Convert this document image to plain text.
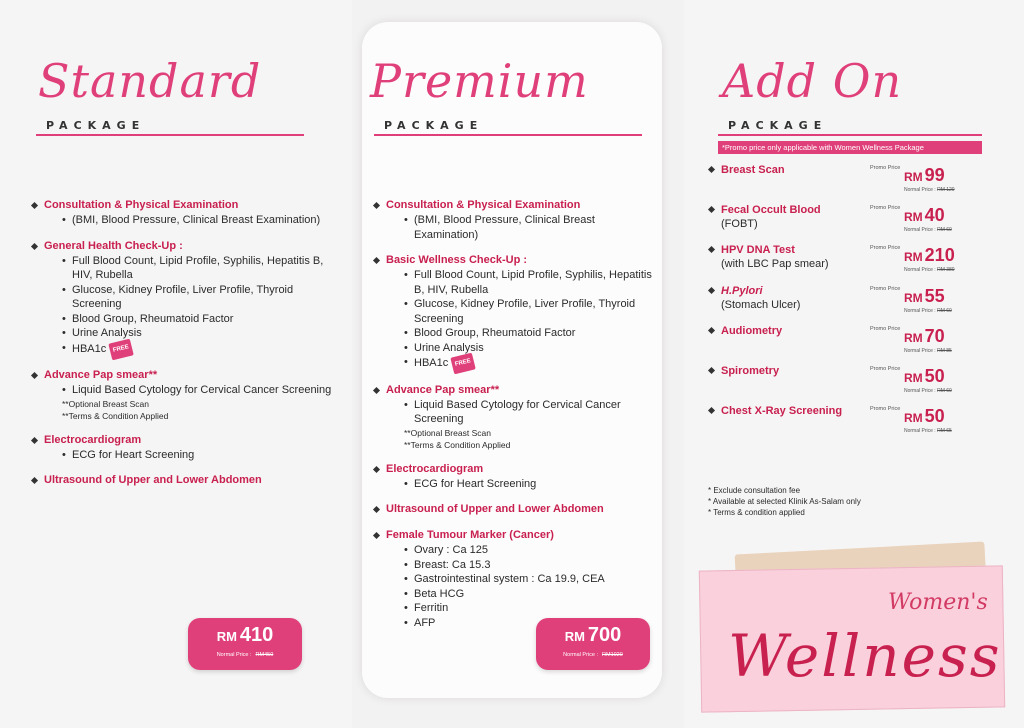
Standard
PACKAGE
Premium
PACKAGE
Add On
PACKAGE
*Promo price only applicable with Women Wellness Package
Consultation & Physical Examination
• (BMI, Blood Pressure, Clinical Breast Examination)
General Health Check-Up :
• Full Blood Count, Lipid Profile, Syphilis, Hepatitis B, HIV, Rubella
• Glucose, Kidney Profile, Liver Profile, Thyroid Screening
• Blood Group, Rheumatoid Factor
• Urine Analysis
• HBA1c FREE
Advance Pap smear**
• Liquid Based Cytology for Cervical Cancer Screening
**Optional Breast Scan
**Terms & Condition Applied
Electrocardiogram
• ECG for Heart Screening
Ultrasound of Upper and Lower Abdomen
Consultation & Physical Examination
• (BMI, Blood Pressure, Clinical Breast Examination)
Basic Wellness Check-Up :
• Full Blood Count, Lipid Profile, Syphilis, Hepatitis B, HIV, Rubella
• Glucose, Kidney Profile, Liver Profile, Thyroid Screening
• Blood Group, Rheumatoid Factor
• Urine Analysis
• HBA1c FREE
Advance Pap smear**
• Liquid Based Cytology for Cervical Cancer Screening
**Optional Breast Scan
**Terms & Condition Applied
Electrocardiogram
• ECG for Heart Screening
Ultrasound of Upper and Lower Abdomen
Female Tumour Marker (Cancer)
• Ovary : Ca 125
• Breast: Ca 15.3
• Gastrointestinal system : Ca 19.9, CEA
• Beta HCG
• Ferritin
• AFP
RM 410
Normal Price : RM450
RM 700
Normal Price : RM1020
Breast Scan	Promo Price
RM 99
Normal Price : RM 120
Fecal Occult Blood
(FOBT)
Promo Price
RM 40
Normal Price : RM 60
HPV DNA Test
(with LBC Pap smear)
Promo Price
RM 210
Normal Price : RM 380
H.Pylori
(Stomach Ulcer)
Promo Price
RM 55
Normal Price : RM 60
Audiometry	Promo Price
RM 70
Normal Price : RM 85
Spirometry	Promo Price
RM 50
Normal Price : RM 60
Chest X-Ray Screening	Promo Price
RM 50
Normal Price : RM 65
* Exclude consultation fee
* Available at selected Klinik As-Salam only
* Terms & condition applied
Women's
Wellness
